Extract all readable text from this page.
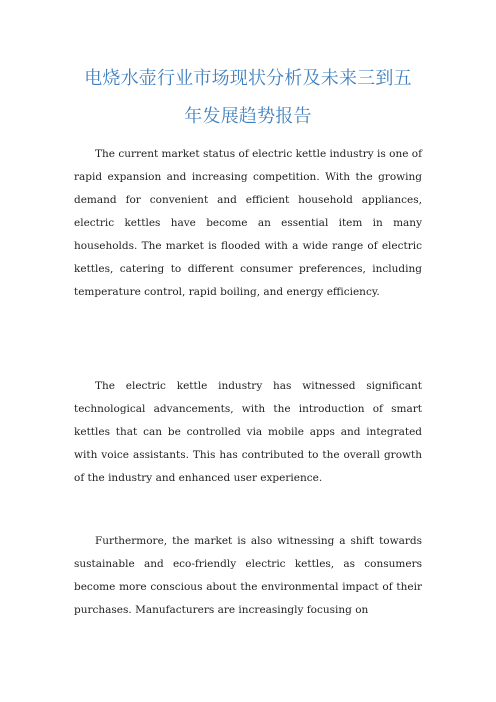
电烧水壶行业市场现状分析及未来三到五
年发展趋势报告

The current market status of electric kettle industry is one of rapid expansion and increasing competition. With the growing demand for convenient and efficient household appliances, electric kettles have become an essential item in many households. The market is flooded with a wide range of electric kettles, catering to different consumer preferences, including temperature control, rapid boiling, and energy efficiency.

The electric kettle industry has witnessed significant technological advancements, with the introduction of smart kettles that can be controlled via mobile apps and integrated with voice assistants. This has contributed to the overall growth of the industry and enhanced user experience.

Furthermore, the market is also witnessing a shift towards sustainable and eco-friendly electric kettles, as consumers become more conscious about the environmental impact of their purchases. Manufacturers are increasingly focusing on
